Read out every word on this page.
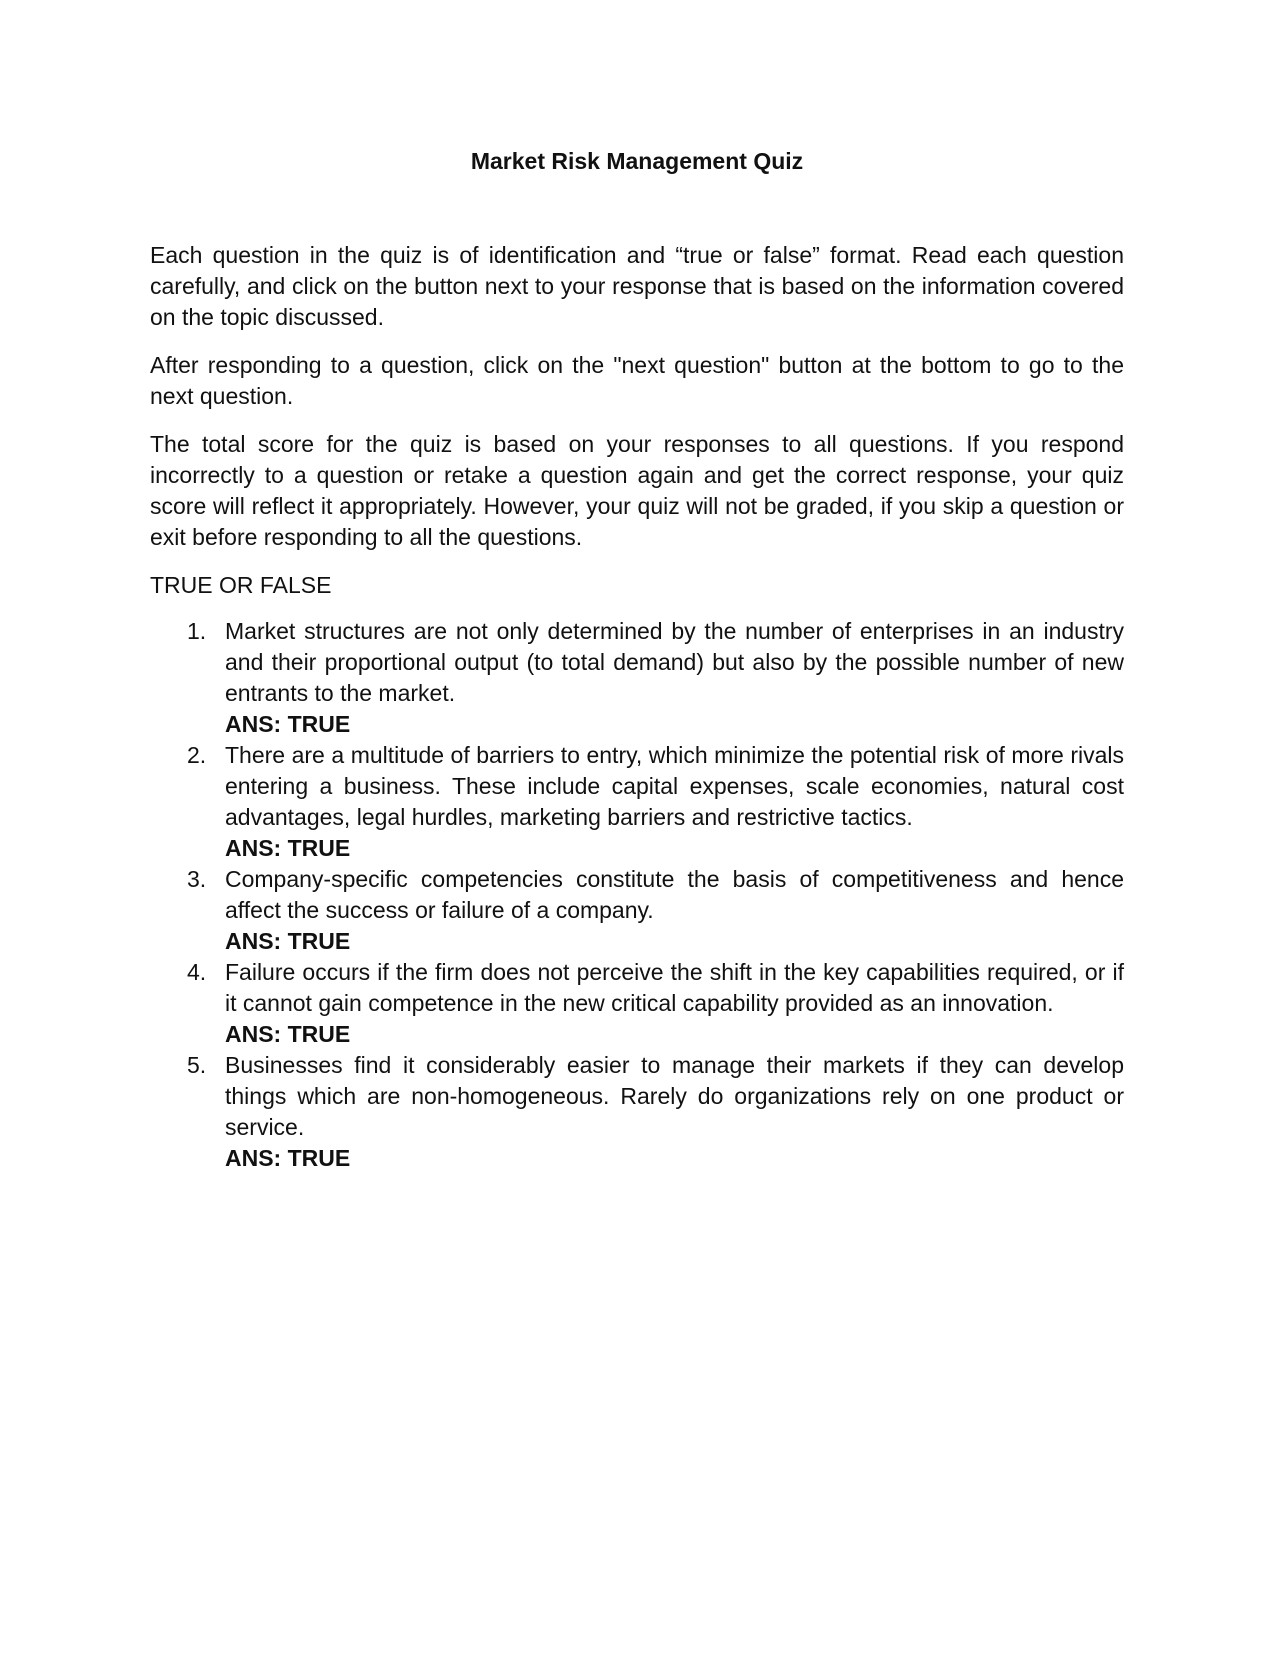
Market Risk Management Quiz

Each question in the quiz is of identification and “true or false” format. Read each question carefully, and click on the button next to your response that is based on the information covered on the topic discussed.

After responding to a question, click on the "next question" button at the bottom to go to the next question.

The total score for the quiz is based on your responses to all questions. If you respond incorrectly to a question or retake a question again and get the correct response, your quiz score will reflect it appropriately. However, your quiz will not be graded, if you skip a question or exit before responding to all the questions.

TRUE OR FALSE
1. Market structures are not only determined by the number of enterprises in an industry and their proportional output (to total demand) but also by the possible number of new entrants to the market.
ANS: TRUE
2. There are a multitude of barriers to entry, which minimize the potential risk of more rivals entering a business. These include capital expenses, scale economies, natural cost advantages, legal hurdles, marketing barriers and restrictive tactics.
ANS: TRUE
3. Company-specific competencies constitute the basis of competitiveness and hence affect the success or failure of a company.
ANS: TRUE
4. Failure occurs if the firm does not perceive the shift in the key capabilities required, or if it cannot gain competence in the new critical capability provided as an innovation.
ANS: TRUE
5. Businesses find it considerably easier to manage their markets if they can develop things which are non-homogeneous. Rarely do organizations rely on one product or service.
ANS: TRUE
